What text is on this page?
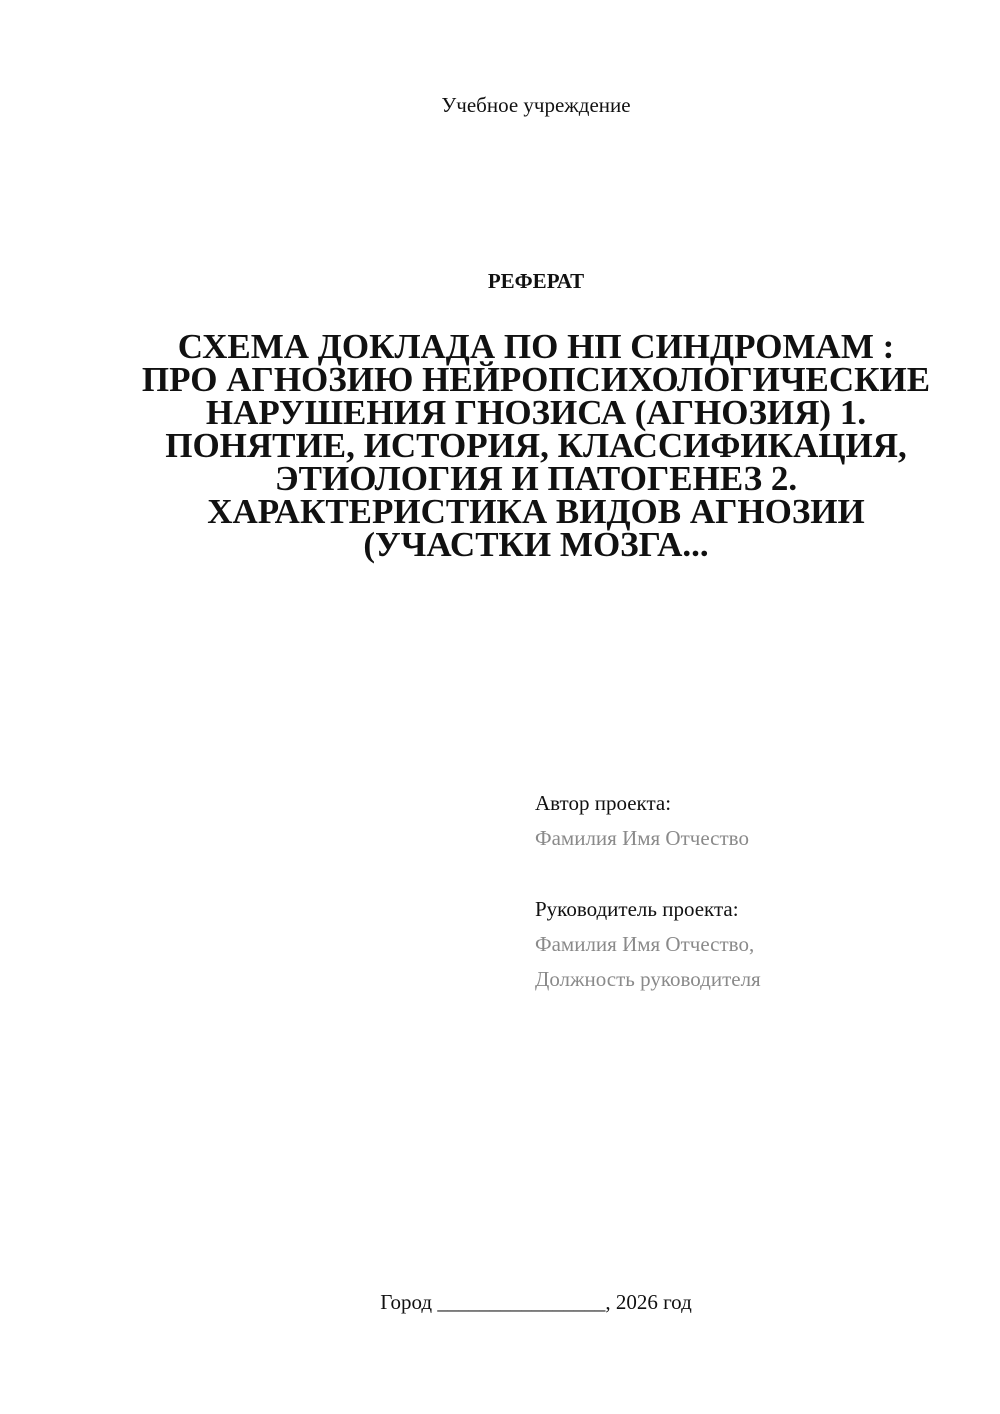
Учебное учреждение
РЕФЕРАТ
СХЕМА ДОКЛАДА ПО НП СИНДРОМАМ : ПРО АГНОЗИЮ НЕЙРОПСИХОЛОГИЧЕСКИЕ НАРУШЕНИЯ ГНОЗИСА (АГНОЗИЯ) 1. ПОНЯТИЕ, ИСТОРИЯ, КЛАССИФИКАЦИЯ, ЭТИОЛОГИЯ И ПАТОГЕНЕЗ 2. ХАРАКТЕРИСТИКА ВИДОВ АГНОЗИИ (УЧАСТКИ МОЗГА...
Автор проекта:
Фамилия Имя Отчество
Руководитель проекта:
Фамилия Имя Отчество,
Должность руководителя
Город ________________, 2026 год
